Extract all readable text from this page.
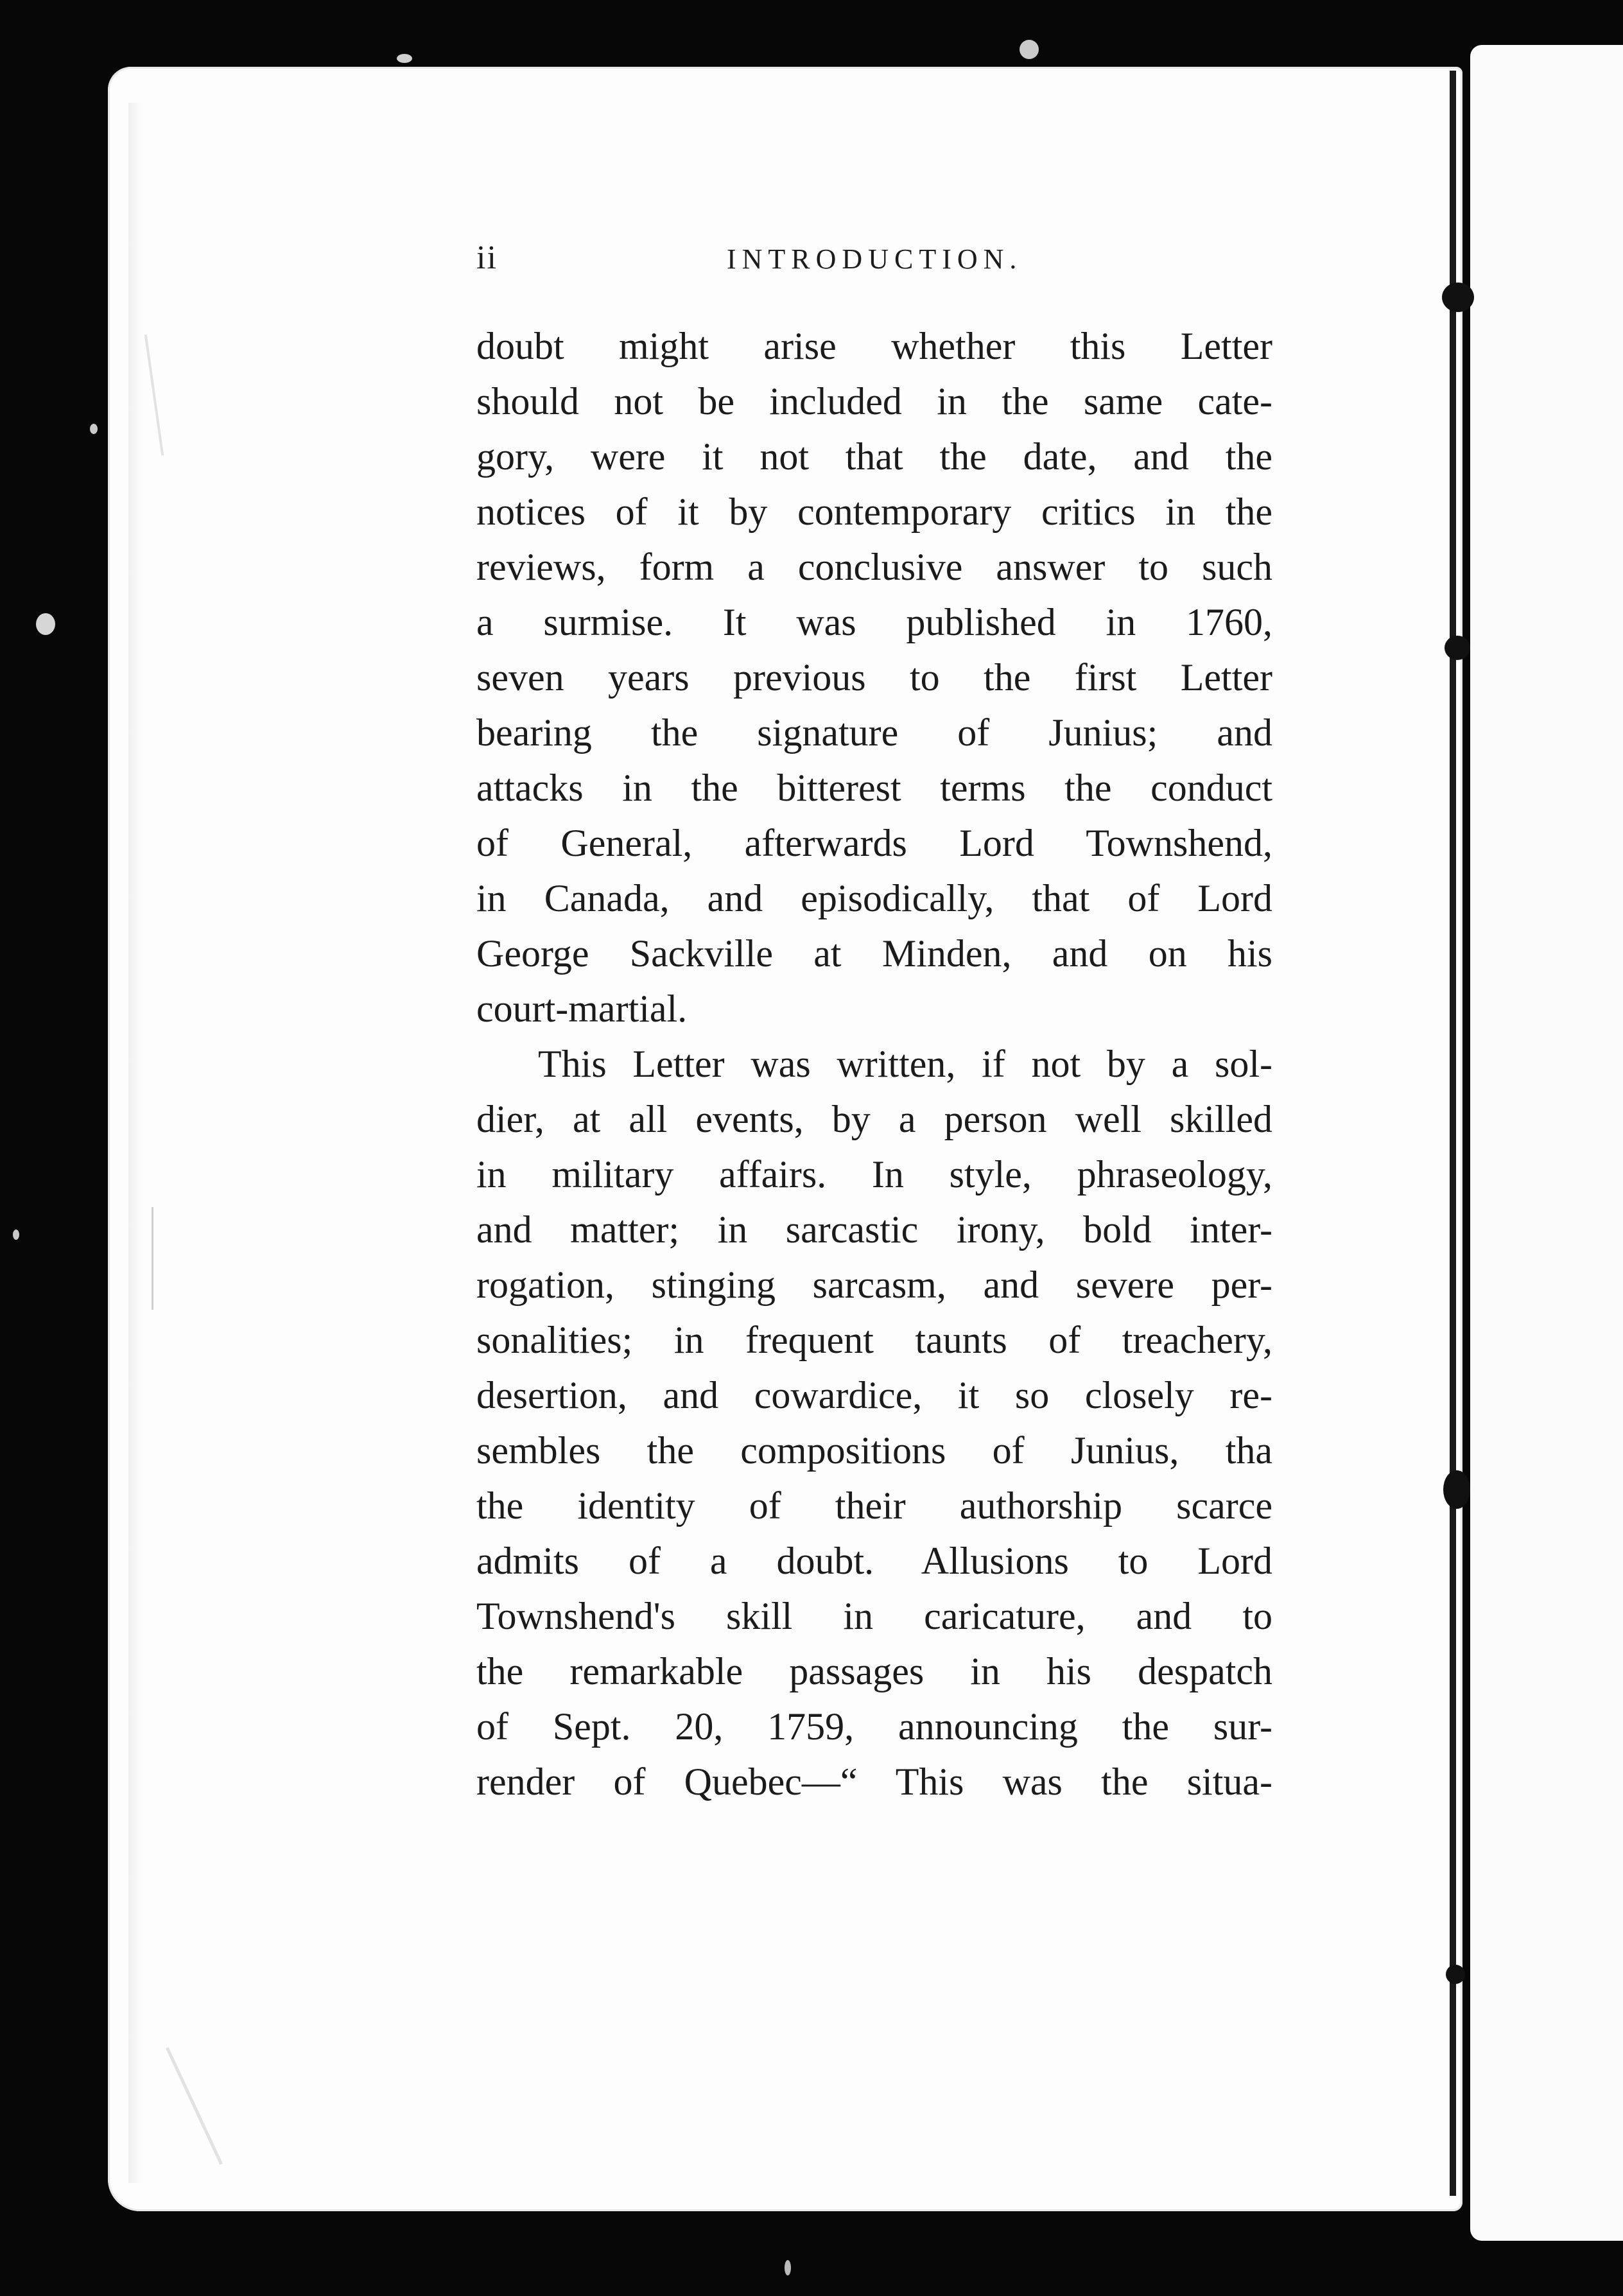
ii	INTRODUCTION.
doubt might arise whether this Letter
should not be included in the same cate-
gory, were it not that the date, and the
notices of it by contemporary critics in the
reviews, form a conclusive answer to such
a surmise. It was published in 1760,
seven years previous to the first Letter
bearing the signature of Junius; and
attacks in the bitterest terms the conduct
of General, afterwards Lord Townshend,
in Canada, and episodically, that of Lord
George Sackville at Minden, and on his
court-martial.
This Letter was written, if not by a sol-
dier, at all events, by a person well skilled
in military affairs. In style, phraseology,
and matter; in sarcastic irony, bold inter-
rogation, stinging sarcasm, and severe per-
sonalities; in frequent taunts of treachery,
desertion, and cowardice, it so closely re-
sembles the compositions of Junius, tha
the identity of their authorship scarce
admits of a doubt. Allusions to Lord
Townshend's skill in caricature, and to
the remarkable passages in his despatch
of Sept. 20, 1759, announcing the sur-
render of Quebec—“ This was the situa-
